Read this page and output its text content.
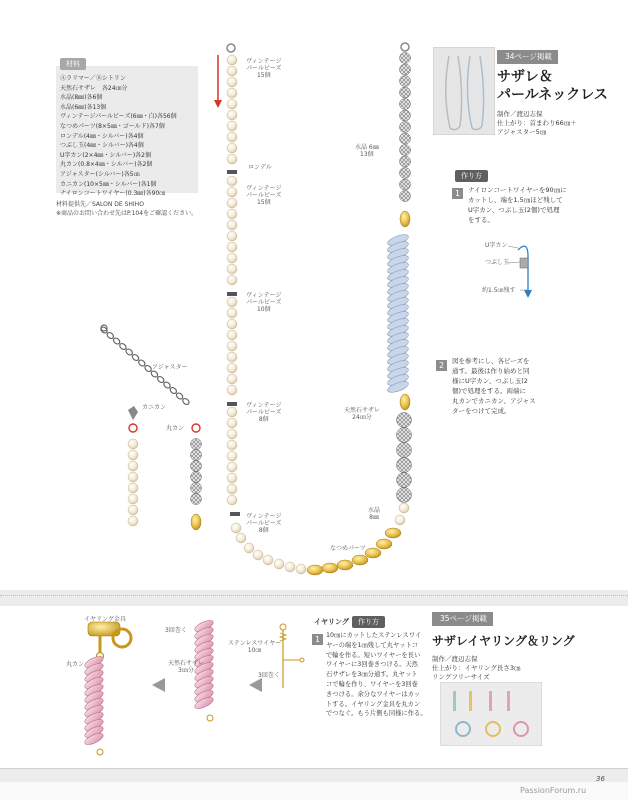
材料
Ⓐラリマー／Ⓑシトリン
天然石サザレ　各24㎝分
水晶(8㎜)各6個
水晶(6㎜)各13個
ヴィンテージパールビーズ(6㎜・白)各56個
なつめパーツ(8×5㎜・ゴールド)各7個
ロンデル(4㎜・シルバー)各4個
つぶし玉(4㎜・シルバー)各4個
U字カン(2×4㎜・シルバー)各2個
丸カン(0.8×4㎜・シルバー)各2個
アジャスター(シルバー)各5㎝
カニカン(10×5㎜・シルバー)各1個
ナイロンコートワイヤー(0.3㎜)各90㎝
材料提供先／SALON DE SHIHO
※商品のお問い合わせ先はP.104をご確認ください。
ヴィンテージ
パールビーズ
15個
ロンデル
ヴィンテージ
パールビーズ
15個
ヴィンテージ
パールビーズ
10個
ヴィンテージ
パールビーズ
8個
ヴィンテージ
パールビーズ
8個
水晶 6㎜
13個
天然石サザレ
24㎝分
水晶
8㎜
なつめパーツ
アジャスター
カニカン
丸カン
U字カン
つぶし玉
約1.5㎝残す
34ページ掲載
サザレ＆
パールネックレス
制作／渡辺志保
仕上がり：首まわり66㎝＋
アジャスター5㎝
作り方
1	ナイロンコートワイヤーを90㎝に
カットし、端を1.5㎝ほど残して
U字カン、つぶし玉(2個)で処理
をする。
2	図を参考にし、各ビーズを
通す。最後は作り始めと同
様にU字カン、つぶし玉(2
個)で処理をする。両端に
丸カンでカニカン、アジャス
ターをつけて完成。
イヤリング金具
丸カン	天然石サザレ
3㎝分
3回巻く
ステンレスワイヤー
10㎝
3回巻く
イヤリング	作り方
1 10㎝にカットしたステンレスワイ
ヤーの端を1㎝残して丸ヤットコ
で輪を作る。短いワイヤーを長い
ワイヤーに3回巻きつける。天然
石サザレを3㎝分通す。丸ヤット
コで輪を作り、ワイヤーを3回巻
きつける。余分なワイヤーはカッ
トする。イヤリング金具を丸カン
でつなぐ。もう片側も同様に作る。
35ページ掲載
サザレイヤリング＆リング
制作／渡辺志保
仕上がり：イヤリング長さ3㎝
リングフリーサイズ
36
PassionForum.ru
